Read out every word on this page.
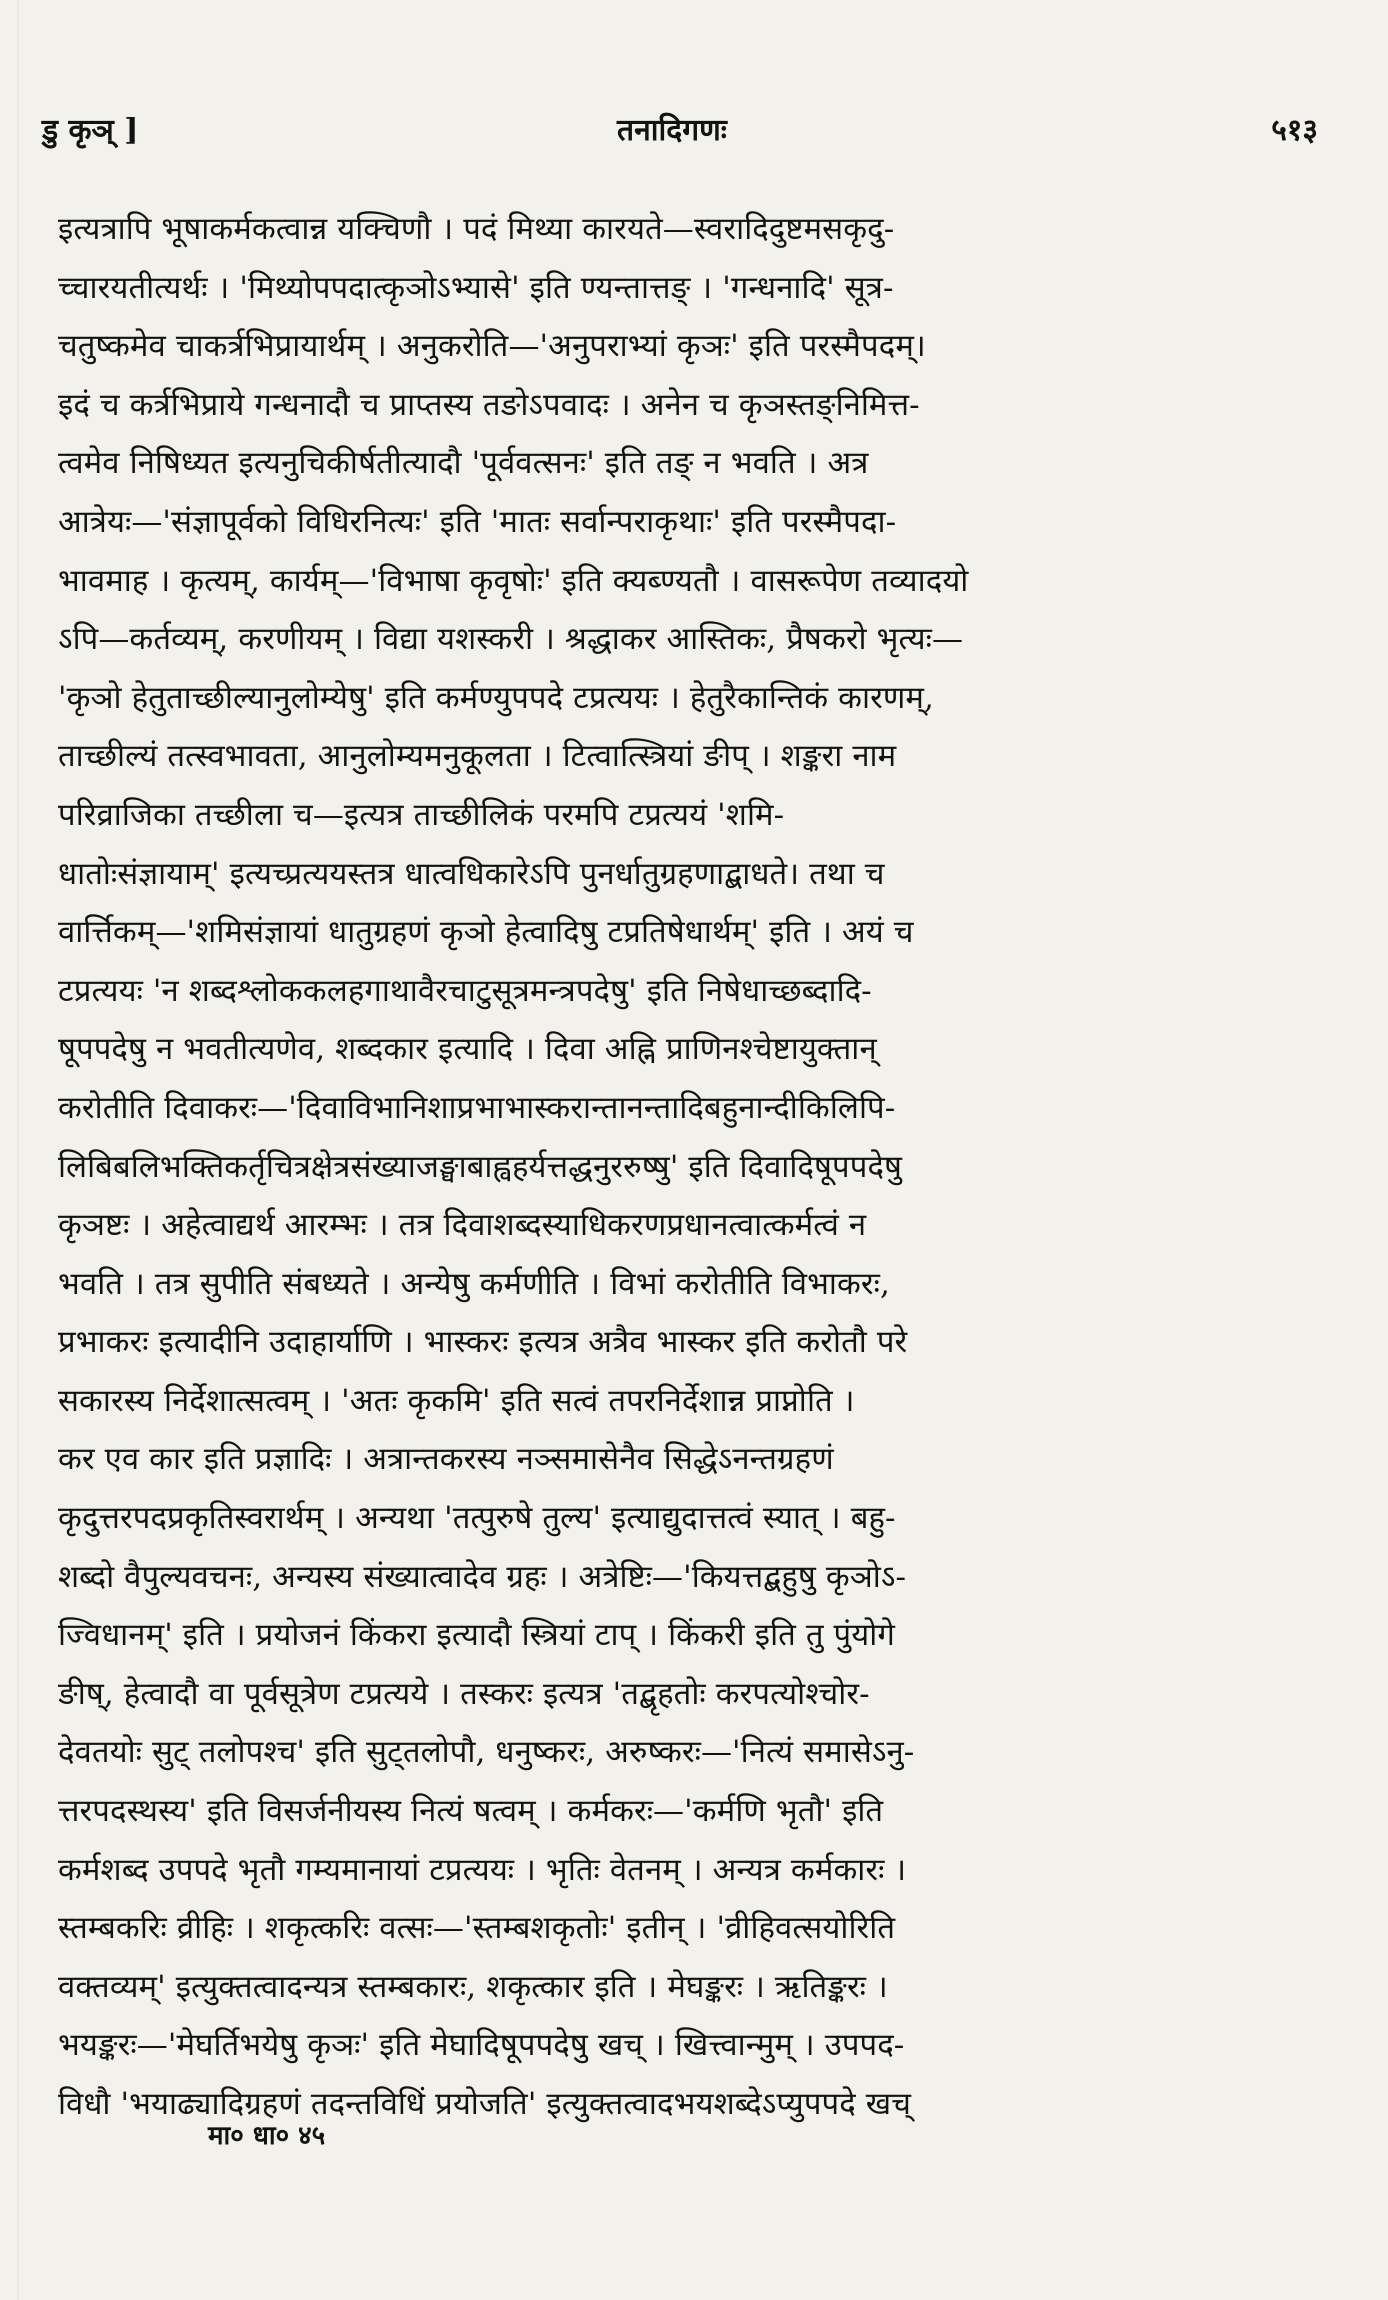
डु कृञ् ]	तनादिगणः	५१३
इत्यत्रापि भूषाकर्मकत्वान्न यक्चिणौ । पदं मिथ्या कारयते—स्वरादिदुष्टमसकृदु-
च्चारयतीत्यर्थः । 'मिथ्योपपदात्कृञोऽभ्यासे' इति ण्यन्तात्तङ् । 'गन्धनादि' सूत्र-
चतुष्कमेव चाकर्त्रभिप्रायार्थम् । अनुकरोति—'अनुपराभ्यां कृञः' इति परस्मैपदम्।
इदं च कर्त्रभिप्राये गन्धनादौ च प्राप्तस्य तङोऽपवादः । अनेन च कृञस्तङ्निमित्त-
त्वमेव निषिध्यत इत्यनुचिकीर्षतीत्यादौ 'पूर्ववत्सनः' इति तङ् न भवति । अत्र
आत्रेयः—'संज्ञापूर्वको विधिरनित्यः' इति 'मातः सर्वान्पराकृथाः' इति परस्मैपदा-
भावमाह । कृत्यम्, कार्यम्—'विभाषा कृवृषोः' इति क्यब्ण्यतौ । वासरूपेण तव्यादयो
ऽपि—कर्तव्यम्, करणीयम् । विद्या यशस्करी । श्रद्धाकर आस्तिकः, प्रैषकरो भृत्यः—
'कृञो हेतुताच्छील्यानुलोम्येषु' इति कर्मण्युपपदे टप्रत्ययः । हेतुरैकान्तिकं कारणम्,
ताच्छील्यं तत्स्वभावता, आनुलोम्यमनुकूलता । टित्वात्स्त्रियां ङीप् । शङ्करा नाम
परिव्राजिका तच्छीला च—इत्यत्र ताच्छीलिकं परमपि टप्रत्ययं 'शमि-
धातोःसंज्ञायाम्' इत्यच्प्रत्ययस्तत्र धात्वधिकारेऽपि पुनर्धातुग्रहणाद्बाधते। तथा च
वार्त्तिकम्—'शमिसंज्ञायां धातुग्रहणं कृञो हेत्वादिषु टप्रतिषेधार्थम्' इति । अयं च
टप्रत्ययः 'न शब्दश्लोककलहगाथावैरचाटुसूत्रमन्त्रपदेषु' इति निषेधाच्छब्दादि-
षूपपदेषु न भवतीत्यणेव, शब्दकार इत्यादि । दिवा अह्नि प्राणिनश्चेष्टायुक्तान्
करोतीति दिवाकरः—'दिवाविभानिशाप्रभाभास्करान्तानन्तादिबहुनान्दीकिलिपि-
लिबिबलिभक्तिकर्तृचित्रक्षेत्रसंख्याजङ्घाबाह्वहर्यत्तद्धनुररुष्षु' इति दिवादिषूपपदेषु
कृञष्टः । अहेत्वाद्यर्थ आरम्भः । तत्र दिवाशब्दस्याधिकरणप्रधानत्वात्कर्मत्वं न
भवति । तत्र सुपीति संबध्यते । अन्येषु कर्मणीति । विभां करोतीति विभाकरः,
प्रभाकरः इत्यादीनि उदाहार्याणि । भास्करः इत्यत्र अत्रैव भास्कर इति करोतौ परे
सकारस्य निर्देशात्सत्वम् । 'अतः कृकमि' इति सत्वं तपरनिर्देशान्न प्राप्नोति ।
कर एव कार इति प्रज्ञादिः । अत्रान्तकरस्य नञ्समासेनैव सिद्धेऽनन्तग्रहणं
कृदुत्तरपदप्रकृतिस्वरार्थम् । अन्यथा 'तत्पुरुषे तुल्य' इत्याद्युदात्तत्वं स्यात् । बहु-
शब्दो वैपुल्यवचनः, अन्यस्य संख्यात्वादेव ग्रहः । अत्रेष्टिः—'कियत्तद्बहुषु कृञोऽ-
ज्विधानम्' इति । प्रयोजनं किंकरा इत्यादौ स्त्रियां टाप् । किंकरी इति तु पुंयोगे
ङीष्, हेत्वादौ वा पूर्वसूत्रेण टप्रत्यये । तस्करः इत्यत्र 'तद्बृहतोः करपत्योश्चोर-
देवतयोः सुट् तलोपश्च' इति सुट्तलोपौ, धनुष्करः, अरुष्करः—'नित्यं समासेऽनु-
त्तरपदस्थस्य' इति विसर्जनीयस्य नित्यं षत्वम् । कर्मकरः—'कर्मणि भृतौ' इति
कर्मशब्द उपपदे भृतौ गम्यमानायां टप्रत्ययः । भृतिः वेतनम् । अन्यत्र कर्मकारः ।
स्तम्बकरिः व्रीहिः । शकृत्करिः वत्सः—'स्तम्बशकृतोः' इतीन् । 'व्रीहिवत्सयोरिति
वक्तव्यम्' इत्युक्तत्वादन्यत्र स्तम्बकारः, शकृत्कार इति । मेघङ्करः । ऋतिङ्करः ।
भयङ्करः—'मेघर्तिभयेषु कृञः' इति मेघादिषूपपदेषु खच् । खित्त्वान्मुम् । उपपद-
विधौ 'भयाढ्यादिग्रहणं तदन्तविधिं प्रयोजति' इत्युक्तत्वादभयशब्देऽप्युपपदे खच्
मा० धा० ४५
